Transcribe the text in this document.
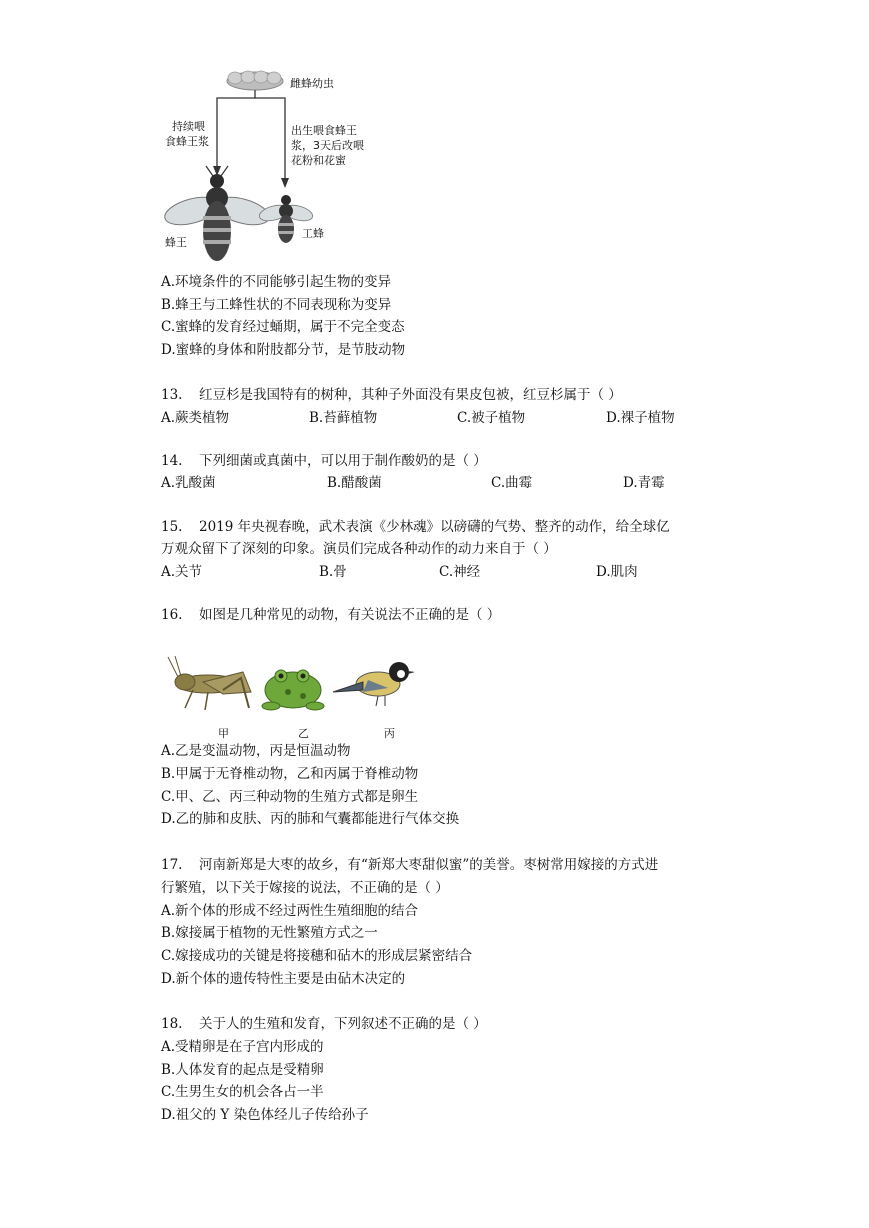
雌蜂幼虫
持续喂
食蜂王浆
出生喂食蜂王
浆，3天后改喂
花粉和花蜜
蜂王
工蜂
A.环境条件的不同能够引起生物的变异
B.蜂王与工蜂性状的不同表现称为变异
C.蜜蜂的发育经过蛹期，属于不完全变态
D.蜜蜂的身体和附肢都分节，是节肢动物
13. 红豆杉是我国特有的树种，其种子外面没有果皮包被，红豆杉属于（ ）
A.蕨类植物	B.苔藓植物	C.被子植物	D.裸子植物
14. 下列细菌或真菌中，可以用于制作酸奶的是（ ）
A.乳酸菌	B.醋酸菌	C.曲霉	D.青霉
15. 2019 年央视春晚，武术表演《少林魂》以磅礴的气势、整齐的动作，给全球亿
万观众留下了深刻的印象。演员们完成各种动作的动力来自于（ ）
A.关节	B.骨	C.神经	D.肌肉
16. 如图是几种常见的动物，有关说法不正确的是（ ）
甲	乙	丙
A.乙是变温动物，丙是恒温动物
B.甲属于无脊椎动物，乙和丙属于脊椎动物
C.甲、乙、丙三种动物的生殖方式都是卵生
D.乙的肺和皮肤、丙的肺和气囊都能进行气体交换
17. 河南新郑是大枣的故乡，有“新郑大枣甜似蜜”的美誉。枣树常用嫁接的方式进
行繁殖，以下关于嫁接的说法，不正确的是（ ）
A.新个体的形成不经过两性生殖细胞的结合
B.嫁接属于植物的无性繁殖方式之一
C.嫁接成功的关键是将接穗和砧木的形成层紧密结合
D.新个体的遗传特性主要是由砧木决定的
18. 关于人的生殖和发育，下列叙述不正确的是（ ）
A.受精卵是在子宫内形成的
B.人体发育的起点是受精卵
C.生男生女的机会各占一半
D.祖父的 Y 染色体经儿子传给孙子
